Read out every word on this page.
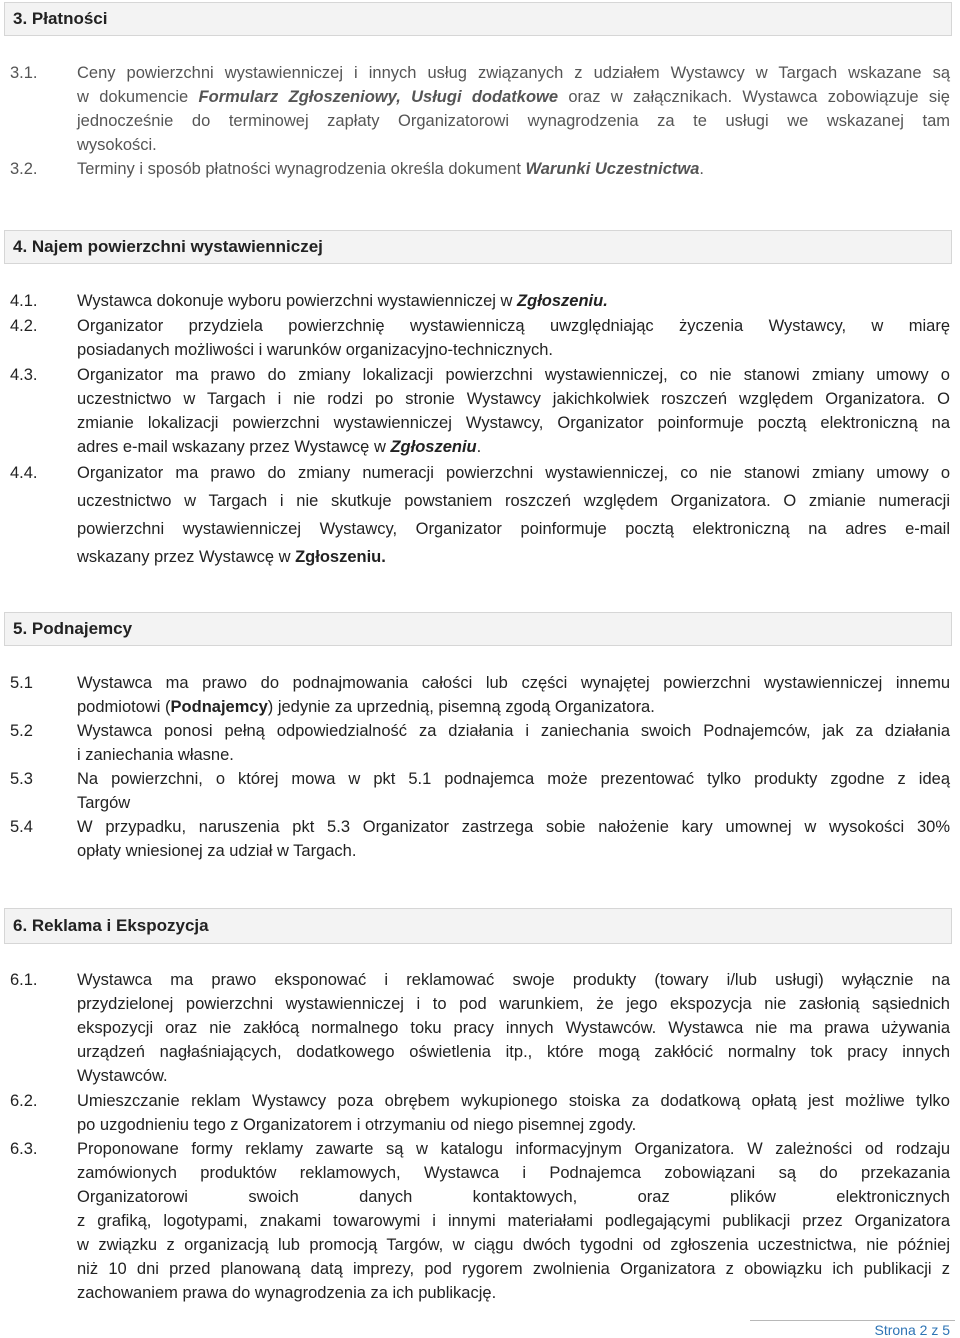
3. Płatności
3.1. Ceny powierzchni wystawienniczej i innych usług związanych z udziałem Wystawcy w Targach wskazane są
w dokumencie Formularz Zgłoszeniowy, Usługi dodatkowe oraz w załącznikach. Wystawca zobowiązuje się
jednocześnie do terminowej zapłaty Organizatorowi wynagrodzenia za te usługi we wskazanej tam
wysokości.
3.2. Terminy i sposób płatności wynagrodzenia określa dokument Warunki Uczestnictwa.
4. Najem powierzchni wystawienniczej
4.1. Wystawca dokonuje wyboru powierzchni wystawienniczej w Zgłoszeniu.
4.2. Organizator przydziela powierzchnię wystawienniczą uwzględniając życzenia Wystawcy, w miarę
posiadanych możliwości i warunków organizacyjno-technicznych.
4.3. Organizator ma prawo do zmiany lokalizacji powierzchni wystawienniczej, co nie stanowi zmiany umowy o
uczestnictwo w Targach i nie rodzi po stronie Wystawcy jakichkolwiek roszczeń względem Organizatora. O
zmianie lokalizacji powierzchni wystawienniczej Wystawcy, Organizator poinformuje pocztą elektroniczną na
adres e-mail wskazany przez Wystawcę w Zgłoszeniu.
4.4. Organizator ma prawo do zmiany numeracji powierzchni wystawienniczej, co nie stanowi zmiany umowy o
uczestnictwo w Targach i nie skutkuje powstaniem roszczeń względem Organizatora. O zmianie numeracji
powierzchni wystawienniczej Wystawcy, Organizator poinformuje pocztą elektroniczną na adres e-mail
wskazany przez Wystawcę w Zgłoszeniu.
5. Podnajemcy
5.1	Wystawca ma prawo do podnajmowania całości lub części wynajętej powierzchni wystawienniczej innemu
podmiotowi (Podnajemcy) jedynie za uprzednią, pisemną zgodą Organizatora.
5.2	Wystawca ponosi pełną odpowiedzialność za działania i zaniechania swoich Podnajemców, jak za działania
i zaniechania własne.
5.3	Na powierzchni, o której mowa w pkt 5.1 podnajemca może prezentować tylko produkty zgodne z ideą
Targów
5.4	W przypadku, naruszenia pkt 5.3 Organizator zastrzega sobie nałożenie kary umownej w wysokości 30%
opłaty wniesionej za udział w Targach.
6. Reklama i Ekspozycja
6.1. Wystawca ma prawo eksponować i reklamować swoje produkty (towary i/lub usługi) wyłącznie na
przydzielonej powierzchni wystawienniczej i to pod warunkiem, że jego ekspozycja nie zasłonią sąsiednich
ekspozycji oraz nie zakłócą normalnego toku pracy innych Wystawców. Wystawca nie ma prawa używania
urządzeń nagłaśniających, dodatkowego oświetlenia itp., które mogą zakłócić normalny tok pracy innych
Wystawców.
6.2. Umieszczanie reklam Wystawcy poza obrębem wykupionego stoiska za dodatkową opłatą jest możliwe tylko
po uzgodnieniu tego z Organizatorem i otrzymaniu od niego pisemnej zgody.
6.3. Proponowane formy reklamy zawarte są w katalogu informacyjnym Organizatora. W zależności od rodzaju
zamówionych produktów reklamowych, Wystawca i Podnajemca zobowiązani są do przekazania
Organizatorowi swoich danych kontaktowych, oraz plików elektronicznych
z grafiką, logotypami, znakami towarowymi i innymi materiałami podlegającymi publikacji przez Organizatora
w związku z organizacją lub promocją Targów, w ciągu dwóch tygodni od zgłoszenia uczestnictwa, nie później
niż 10 dni przed planowaną datą imprezy, pod rygorem zwolnienia Organizatora z obowiązku ich publikacji z
zachowaniem prawa do wynagrodzenia za ich publikację.
Strona 2 z 5
